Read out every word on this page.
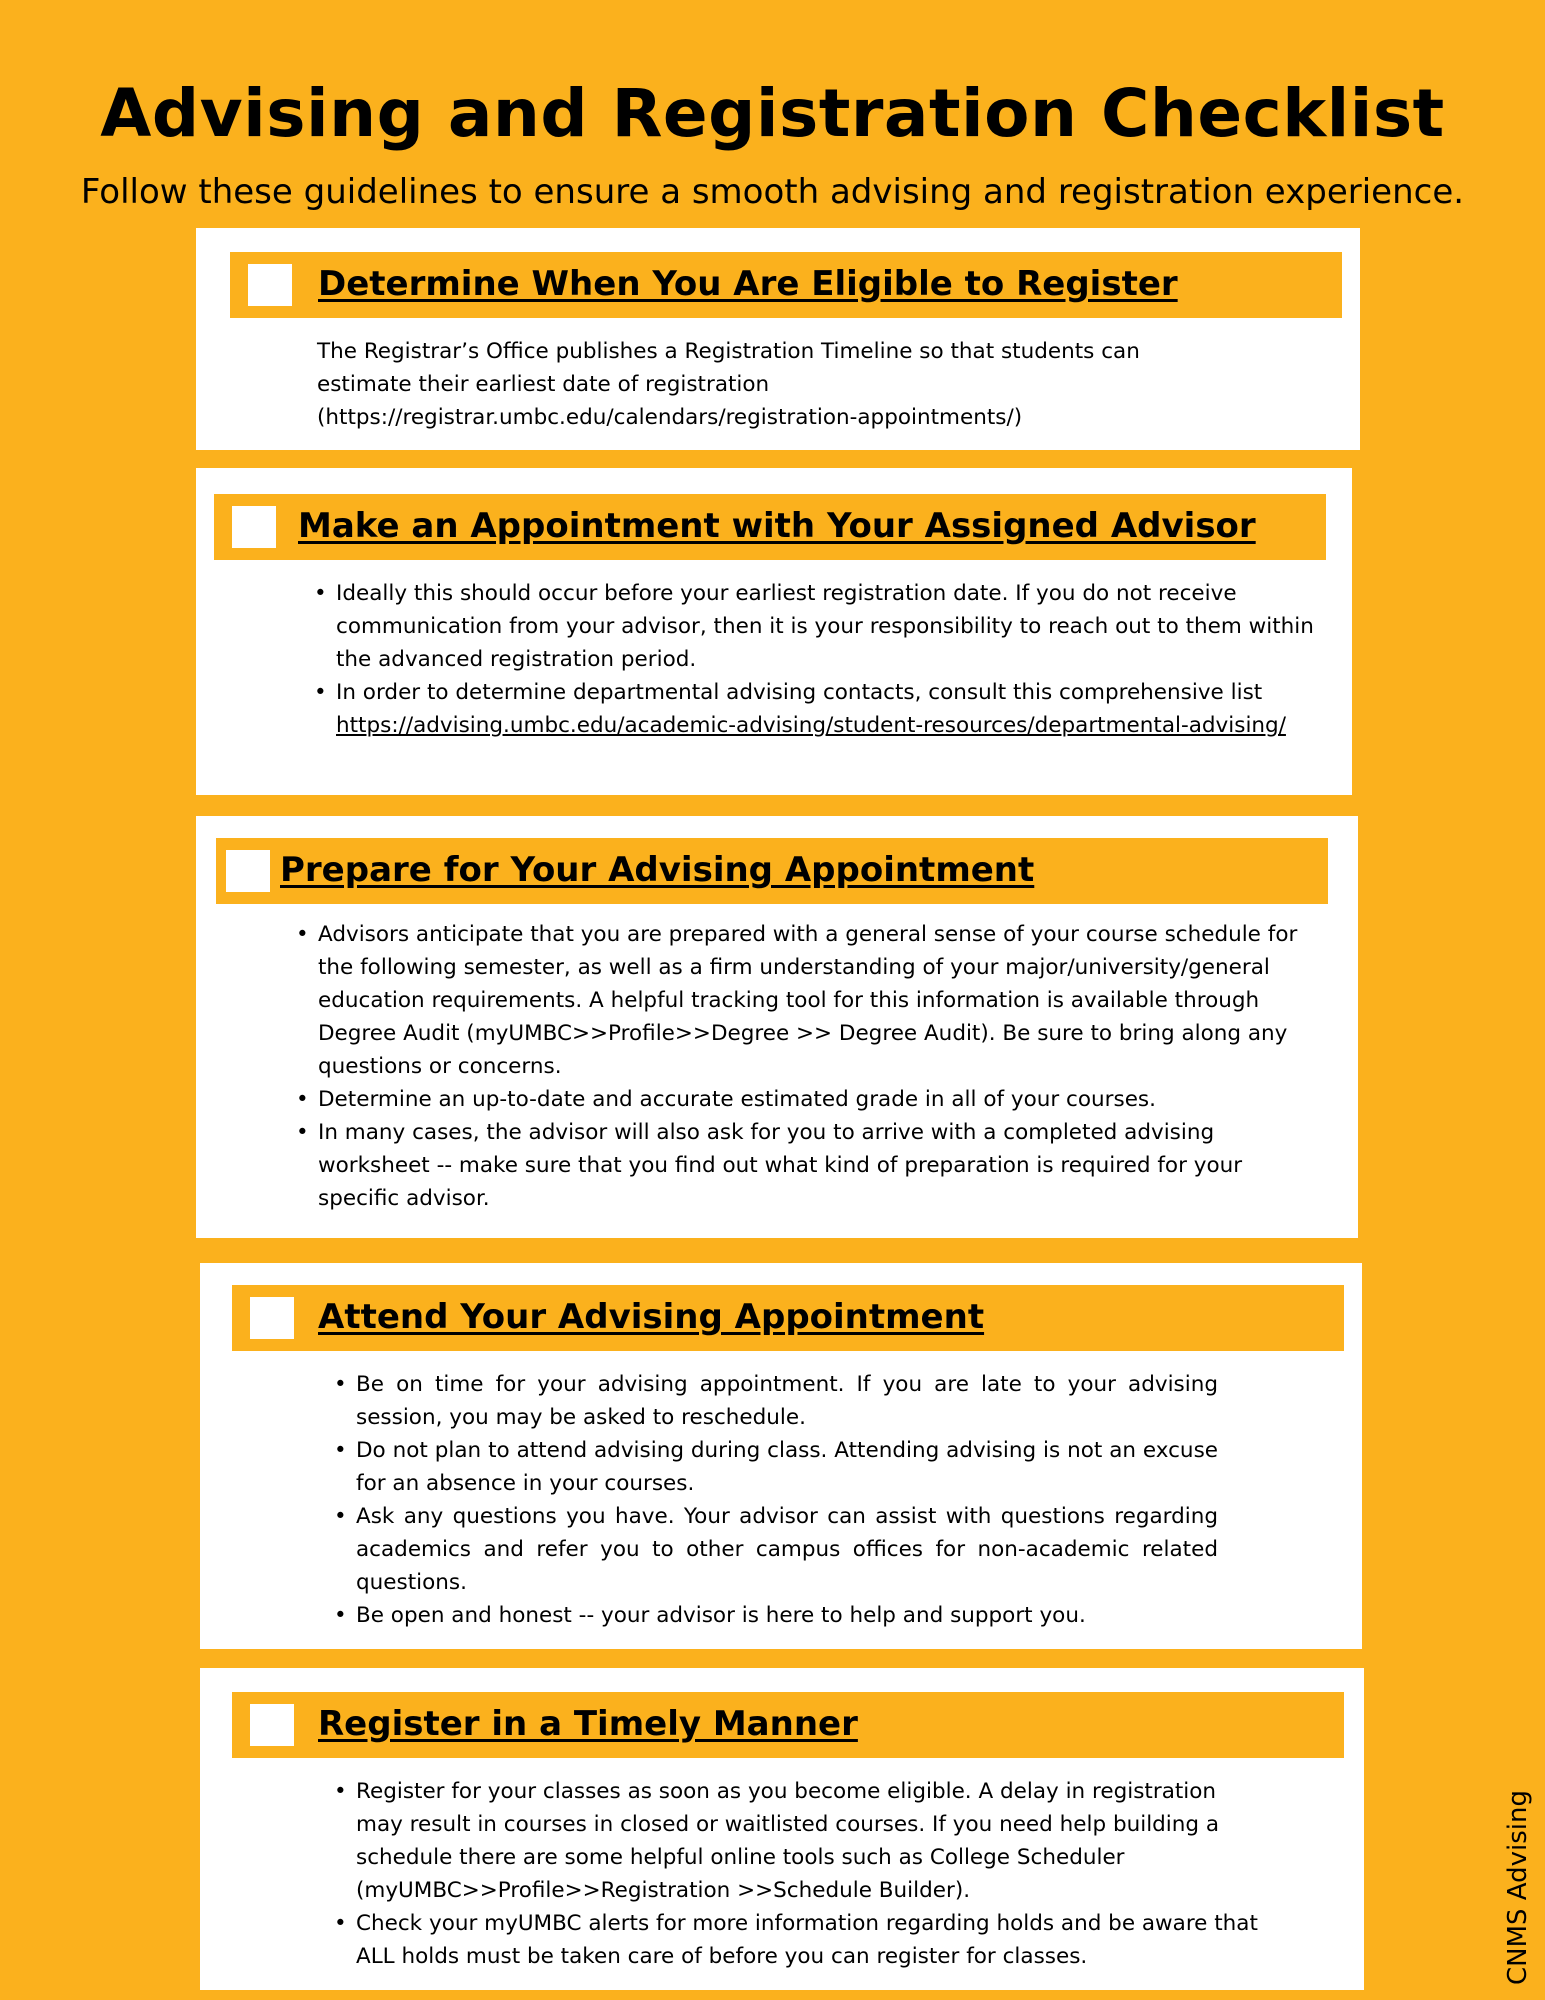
Advising and Registration Checklist

Follow these guidelines to ensure a smooth advising and registration experience.

Determine When You Are Eligible to Register

The Registrar’s Office publishes a Registration Timeline so that students can estimate their earliest date of registration (https://registrar.umbc.edu/calendars/registration-appointments/)

Make an Appointment with Your Assigned Advisor
• Ideally this should occur before your earliest registration date. If you do not receive communication from your advisor, then it is your responsibility to reach out to them within the advanced registration period.
• In order to determine departmental advising contacts, consult this comprehensive list
https://advising.umbc.edu/academic-advising/student-resources/departmental-advising/
Prepare for Your Advising Appointment
• Advisors anticipate that you are prepared with a general sense of your course schedule for the following semester, as well as a firm understanding of your major/university/general education requirements. A helpful tracking tool for this information is available through Degree Audit (myUMBC>>Profile>>Degree >> Degree Audit). Be sure to bring along any questions or concerns.
• Determine an up-to-date and accurate estimated grade in all of your courses.
• In many cases, the advisor will also ask for you to arrive with a completed advising worksheet -- make sure that you find out what kind of preparation is required for your specific advisor.
Attend Your Advising Appointment
• Be on time for your advising appointment. If you are late to your advising session, you may be asked to reschedule.
• Do not plan to attend advising during class. Attending advising is not an excuse for an absence in your courses.
• Ask any questions you have. Your advisor can assist with questions regarding academics and refer you to other campus offices for non-academic related questions.
• Be open and honest -- your advisor is here to help and support you.
Register in a Timely Manner
• Register for your classes as soon as you become eligible. A delay in registration may result in courses in closed or waitlisted courses. If you need help building a schedule there are some helpful online tools such as College Scheduler (myUMBC>>Profile>>Registration >>Schedule Builder).
• Check your myUMBC alerts for more information regarding holds and be aware that ALL holds must be taken care of before you can register for classes.	CNMS Advising
